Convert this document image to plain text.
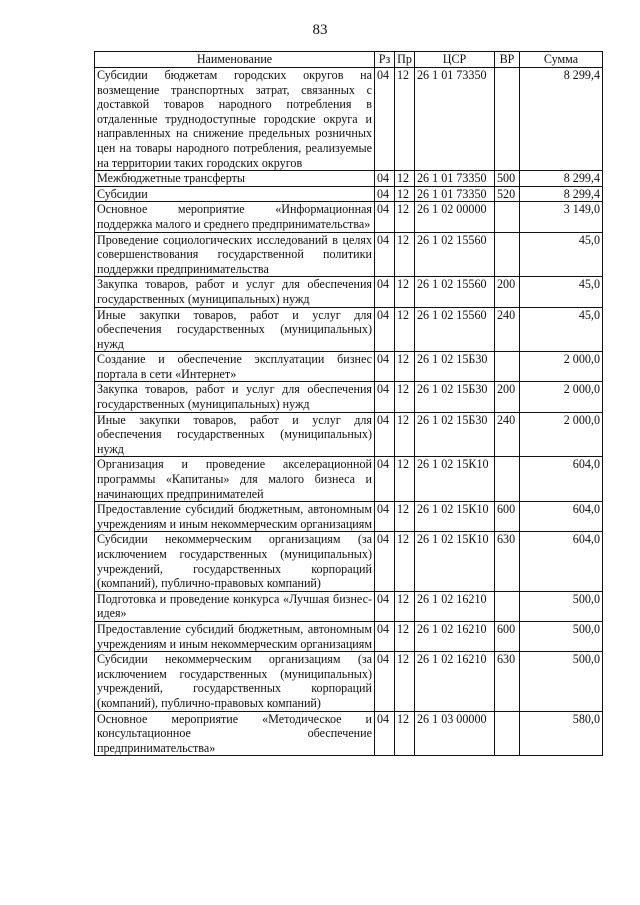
83
Наименование	Рз	Пр	ЦСР	ВР	Сумма
Субсидии бюджетам городских округов на возмещение транспортных затрат, связанных с доставкой товаров народного потребления в отдаленные труднодоступные городские округа и направленных на снижение предельных розничных цен на товары народного потребления, реализуемые на территории таких городских округов	04	12	26 1 01 73350		8 299,4
Межбюджетные трансферты	04	12	26 1 01 73350	500	8 299,4
Субсидии	04	12	26 1 01 73350	520	8 299,4
Основное мероприятие «Информационная поддержка малого и среднего предпринимательства»	04	12	26 1 02 00000		3 149,0
Проведение социологических исследований в целях совершенствования государственной политики поддержки предпринимательства	04	12	26 1 02 15560		45,0
Закупка товаров, работ и услуг для обеспечения государственных (муниципальных) нужд	04	12	26 1 02 15560	200	45,0
Иные закупки товаров, работ и услуг для обеспечения государственных (муниципальных) нужд	04	12	26 1 02 15560	240	45,0
Создание и обеспечение эксплуатации бизнес портала в сети «Интернет»	04	12	26 1 02 15Б30		2 000,0
Закупка товаров, работ и услуг для обеспечения государственных (муниципальных) нужд	04	12	26 1 02 15Б30	200	2 000,0
Иные закупки товаров, работ и услуг для обеспечения государственных (муниципальных) нужд	04	12	26 1 02 15Б30	240	2 000,0
Организация и проведение акселерационной программы «Капитаны» для малого бизнеса и начинающих предпринимателей	04	12	26 1 02 15К10		604,0
Предоставление субсидий бюджетным, автономным учреждениям и иным некоммерческим организациям	04	12	26 1 02 15К10	600	604,0
Субсидии некоммерческим организациям (за исключением государственных (муниципальных) учреждений, государственных корпораций (компаний), публично-правовых компаний)	04	12	26 1 02 15К10	630	604,0
Подготовка и проведение конкурса «Лучшая бизнес-идея»	04	12	26 1 02 16210		500,0
Предоставление субсидий бюджетным, автономным учреждениям и иным некоммерческим организациям	04	12	26 1 02 16210	600	500,0
Субсидии некоммерческим организациям (за исключением государственных (муниципальных) учреждений, государственных корпораций (компаний), публично-правовых компаний)	04	12	26 1 02 16210	630	500,0
Основное мероприятие «Методическое и консультационное обеспечение предпринимательства»	04	12	26 1 03 00000		580,0
